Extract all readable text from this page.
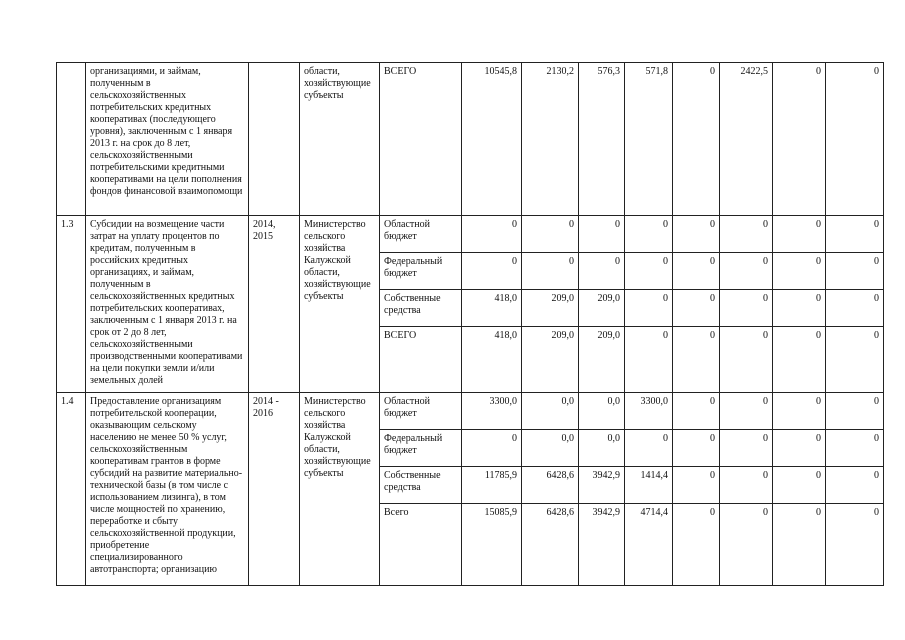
	организациями, и займам, полученным в сельскохозяйственных потребительских кредитных кооперативах (последующего уровня), заключенным с 1 января 2013 г. на срок до 8 лет, сельскохозяйственными потребительскими кредитными кооперативами на цели пополнения фондов финансовой взаимопомощи		области, хозяйствующие субъекты	ВСЕГО	10545,8	2130,2	576,3	571,8	0	2422,5	0	0
1.3	Субсидии на возмещение части затрат на уплату процентов по кредитам, полученным в российских кредитных организациях, и займам, полученным в сельскохозяйственных кредитных потребительских кооперативах, заключенным с 1 января 2013 г. на срок от 2 до 8 лет, сельскохозяйственными производственными кооперативами на цели покупки земли и/или земельных долей	2014, 2015	Министерство сельского хозяйства Калужской области, хозяйствующие субъекты	Областной бюджет	0	0	0	0	0	0	0	0
				Федеральный бюджет	0	0	0	0	0	0	0	0
				Собственные средства	418,0	209,0	209,0	0	0	0	0	0
				ВСЕГО	418,0	209,0	209,0	0	0	0	0	0
1.4	Предоставление организациям потребительской кооперации, оказывающим сельскому населению не менее 50 % услуг, сельскохозяйственным кооперативам грантов в форме субсидий на развитие материально-технической базы (в том числе с использованием лизинга), в том числе мощностей по хранению, переработке и сбыту сельскохозяйственной продукции, приобретение специализированного автотранспорта; организацию	2014 - 2016	Министерство сельского хозяйства Калужской области, хозяйствующие субъекты	Областной бюджет	3300,0	0,0	0,0	3300,0	0	0	0	0
				Федеральный бюджет	0	0,0	0,0	0	0	0	0	0
				Собственные средства	11785,9	6428,6	3942,9	1414,4	0	0	0	0
				Всего	15085,9	6428,6	3942,9	4714,4	0	0	0	0
